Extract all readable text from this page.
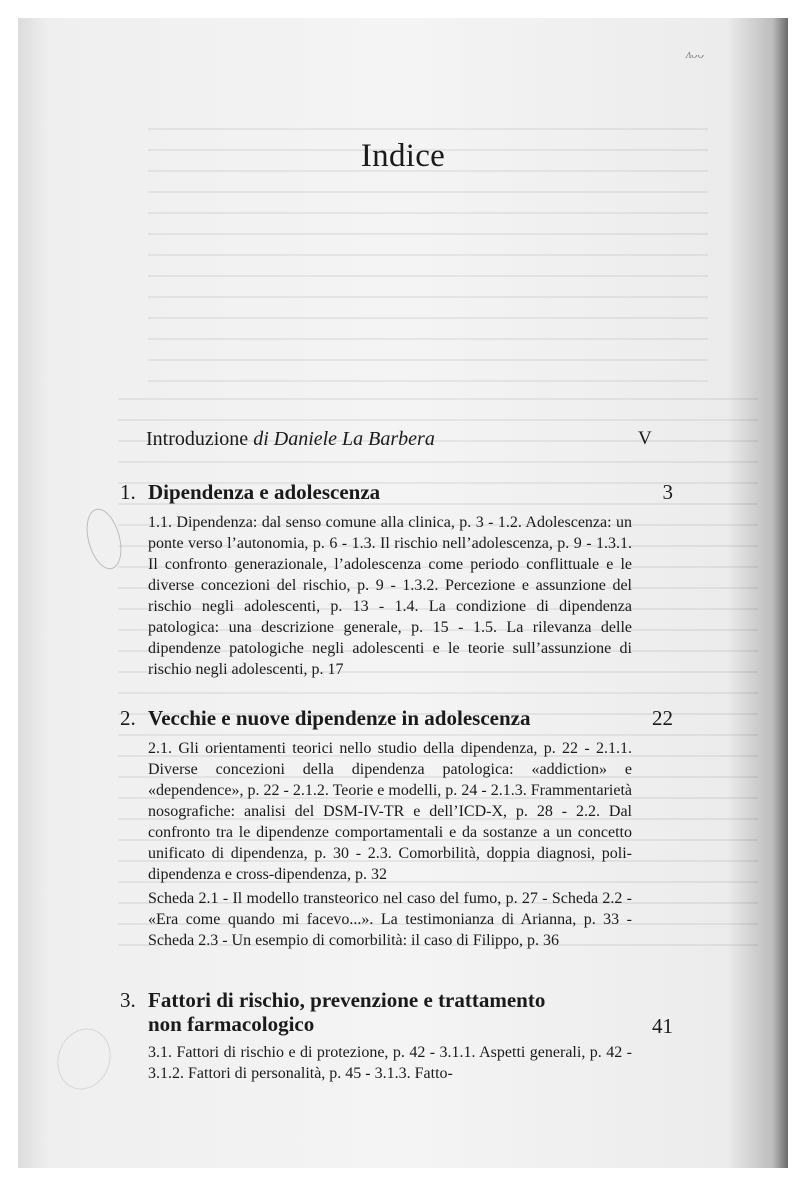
ᴧᴗᴗ
Indice
Introduzione di Daniele La Barbera	V
1. Dipendenza e adolescenza	3
1.1. Dipendenza: dal senso comune alla clinica, p. 3 - 1.2. Adolescenza: un ponte verso l’autonomia, p. 6 - 1.3. Il rischio nell’adolescenza, p. 9 - 1.3.1. Il confronto generazionale, l’adolescenza come periodo conflittuale e le diverse concezioni del rischio, p. 9 - 1.3.2. Percezione e assunzione del rischio negli adolescenti, p. 13 - 1.4. La condizione di dipendenza patologica: una descrizione generale, p. 15 - 1.5. La rilevanza delle dipendenze patologiche negli adolescenti e le teorie sull’assunzione di rischio negli adolescenti, p. 17
2. Vecchie e nuove dipendenze in adolescenza	22
2.1. Gli orientamenti teorici nello studio della dipendenza, p. 22 - 2.1.1. Diverse concezioni della dipendenza patologica: «addiction» e «dependence», p. 22 - 2.1.2. Teorie e modelli, p. 24 - 2.1.3. Frammentarietà nosografiche: analisi del DSM-IV-TR e dell’ICD-X, p. 28 - 2.2. Dal confronto tra le dipendenze comportamentali e da sostanze a un concetto unificato di dipendenza, p. 30 - 2.3. Comorbilità, doppia diagnosi, poli-dipendenza e cross-dipendenza, p. 32
Scheda 2.1 - Il modello transteorico nel caso del fumo, p. 27 - Scheda 2.2 - «Era come quando mi facevo...». La testimonianza di Arianna, p. 33 - Scheda 2.3 - Un esempio di comorbilità: il caso di Filippo, p. 36
3. Fattori di rischio, prevenzione e trattamento non farmacologico	41
3.1. Fattori di rischio e di protezione, p. 42 - 3.1.1. Aspetti generali, p. 42 - 3.1.2. Fattori di personalità, p. 45 - 3.1.3. Fatto-
